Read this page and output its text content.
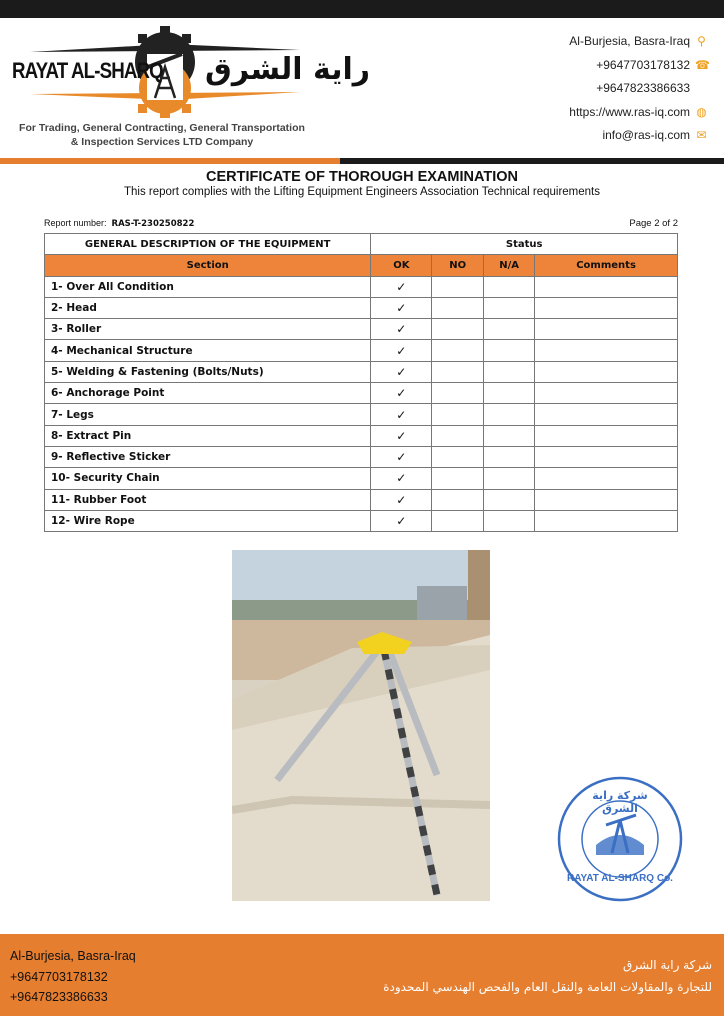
RAYAT AL-SHARQ راية الشرق
For Trading, General Contracting, General Transportation
& Inspection Services LTD Company
Al-Burjesia, Basra-Iraq ⚲
+9647703178132 ☎
+9647823386633
https://www.ras-iq.com ◍
info@ras-iq.com ✉
CERTIFICATE OF THOROUGH EXAMINATION
This report complies with the Lifting Equipment Engineers Association Technical requirements
Report number: RAS-T-230250822	Page 2 of 2
GENERAL DESCRIPTION OF THE EQUIPMENT	Status			
Section	OK	NO	N/A	Comments
1- Over All Condition	✓			
2- Head	✓			
3- Roller	✓			
4- Mechanical Structure	✓			
5- Welding & Fastening (Bolts/Nuts)	✓			
6- Anchorage Point	✓			
7- Legs	✓			
8- Extract Pin	✓			
9- Reflective Sticker	✓			
10- Security Chain	✓			
11- Rubber Foot	✓			
12- Wire Rope	✓			
شركة راية الشرق
RAYAT AL-SHARQ Co.
Al-Burjesia, Basra-Iraq
+9647703178132
+9647823386633
شركة راية الشرق
للتجارة والمقاولات العامة والنقل العام والفحص الهندسي المحدودة
